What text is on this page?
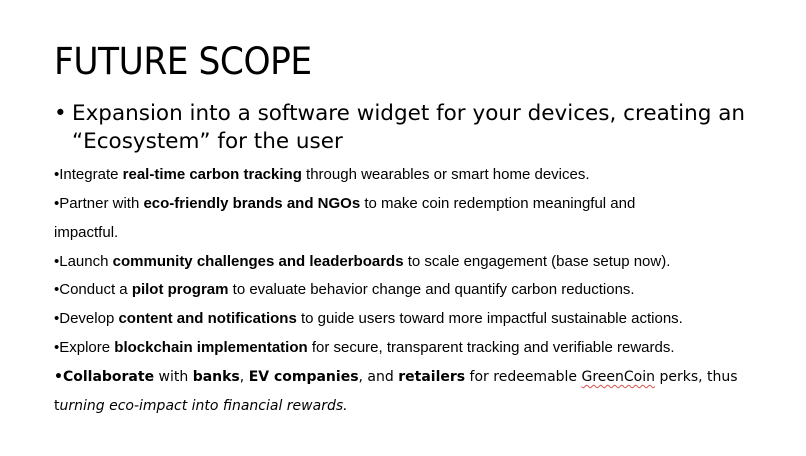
FUTURE SCOPE
• Expansion into a software widget for your devices, creating an “Ecosystem” for the user
•Integrate real-time carbon tracking through wearables or smart home devices.
•Partner with eco-friendly brands and NGOs to make coin redemption meaningful and
impactful.
•Launch community challenges and leaderboards to scale engagement (base setup now).
•Conduct a pilot program to evaluate behavior change and quantify carbon reductions.
•Develop content and notifications to guide users toward more impactful sustainable actions.
•Explore blockchain implementation for secure, transparent tracking and verifiable rewards.
•Collaborate with banks, EV companies, and retailers for redeemable GreenCoin perks, thus
turning eco-impact into financial rewards.
